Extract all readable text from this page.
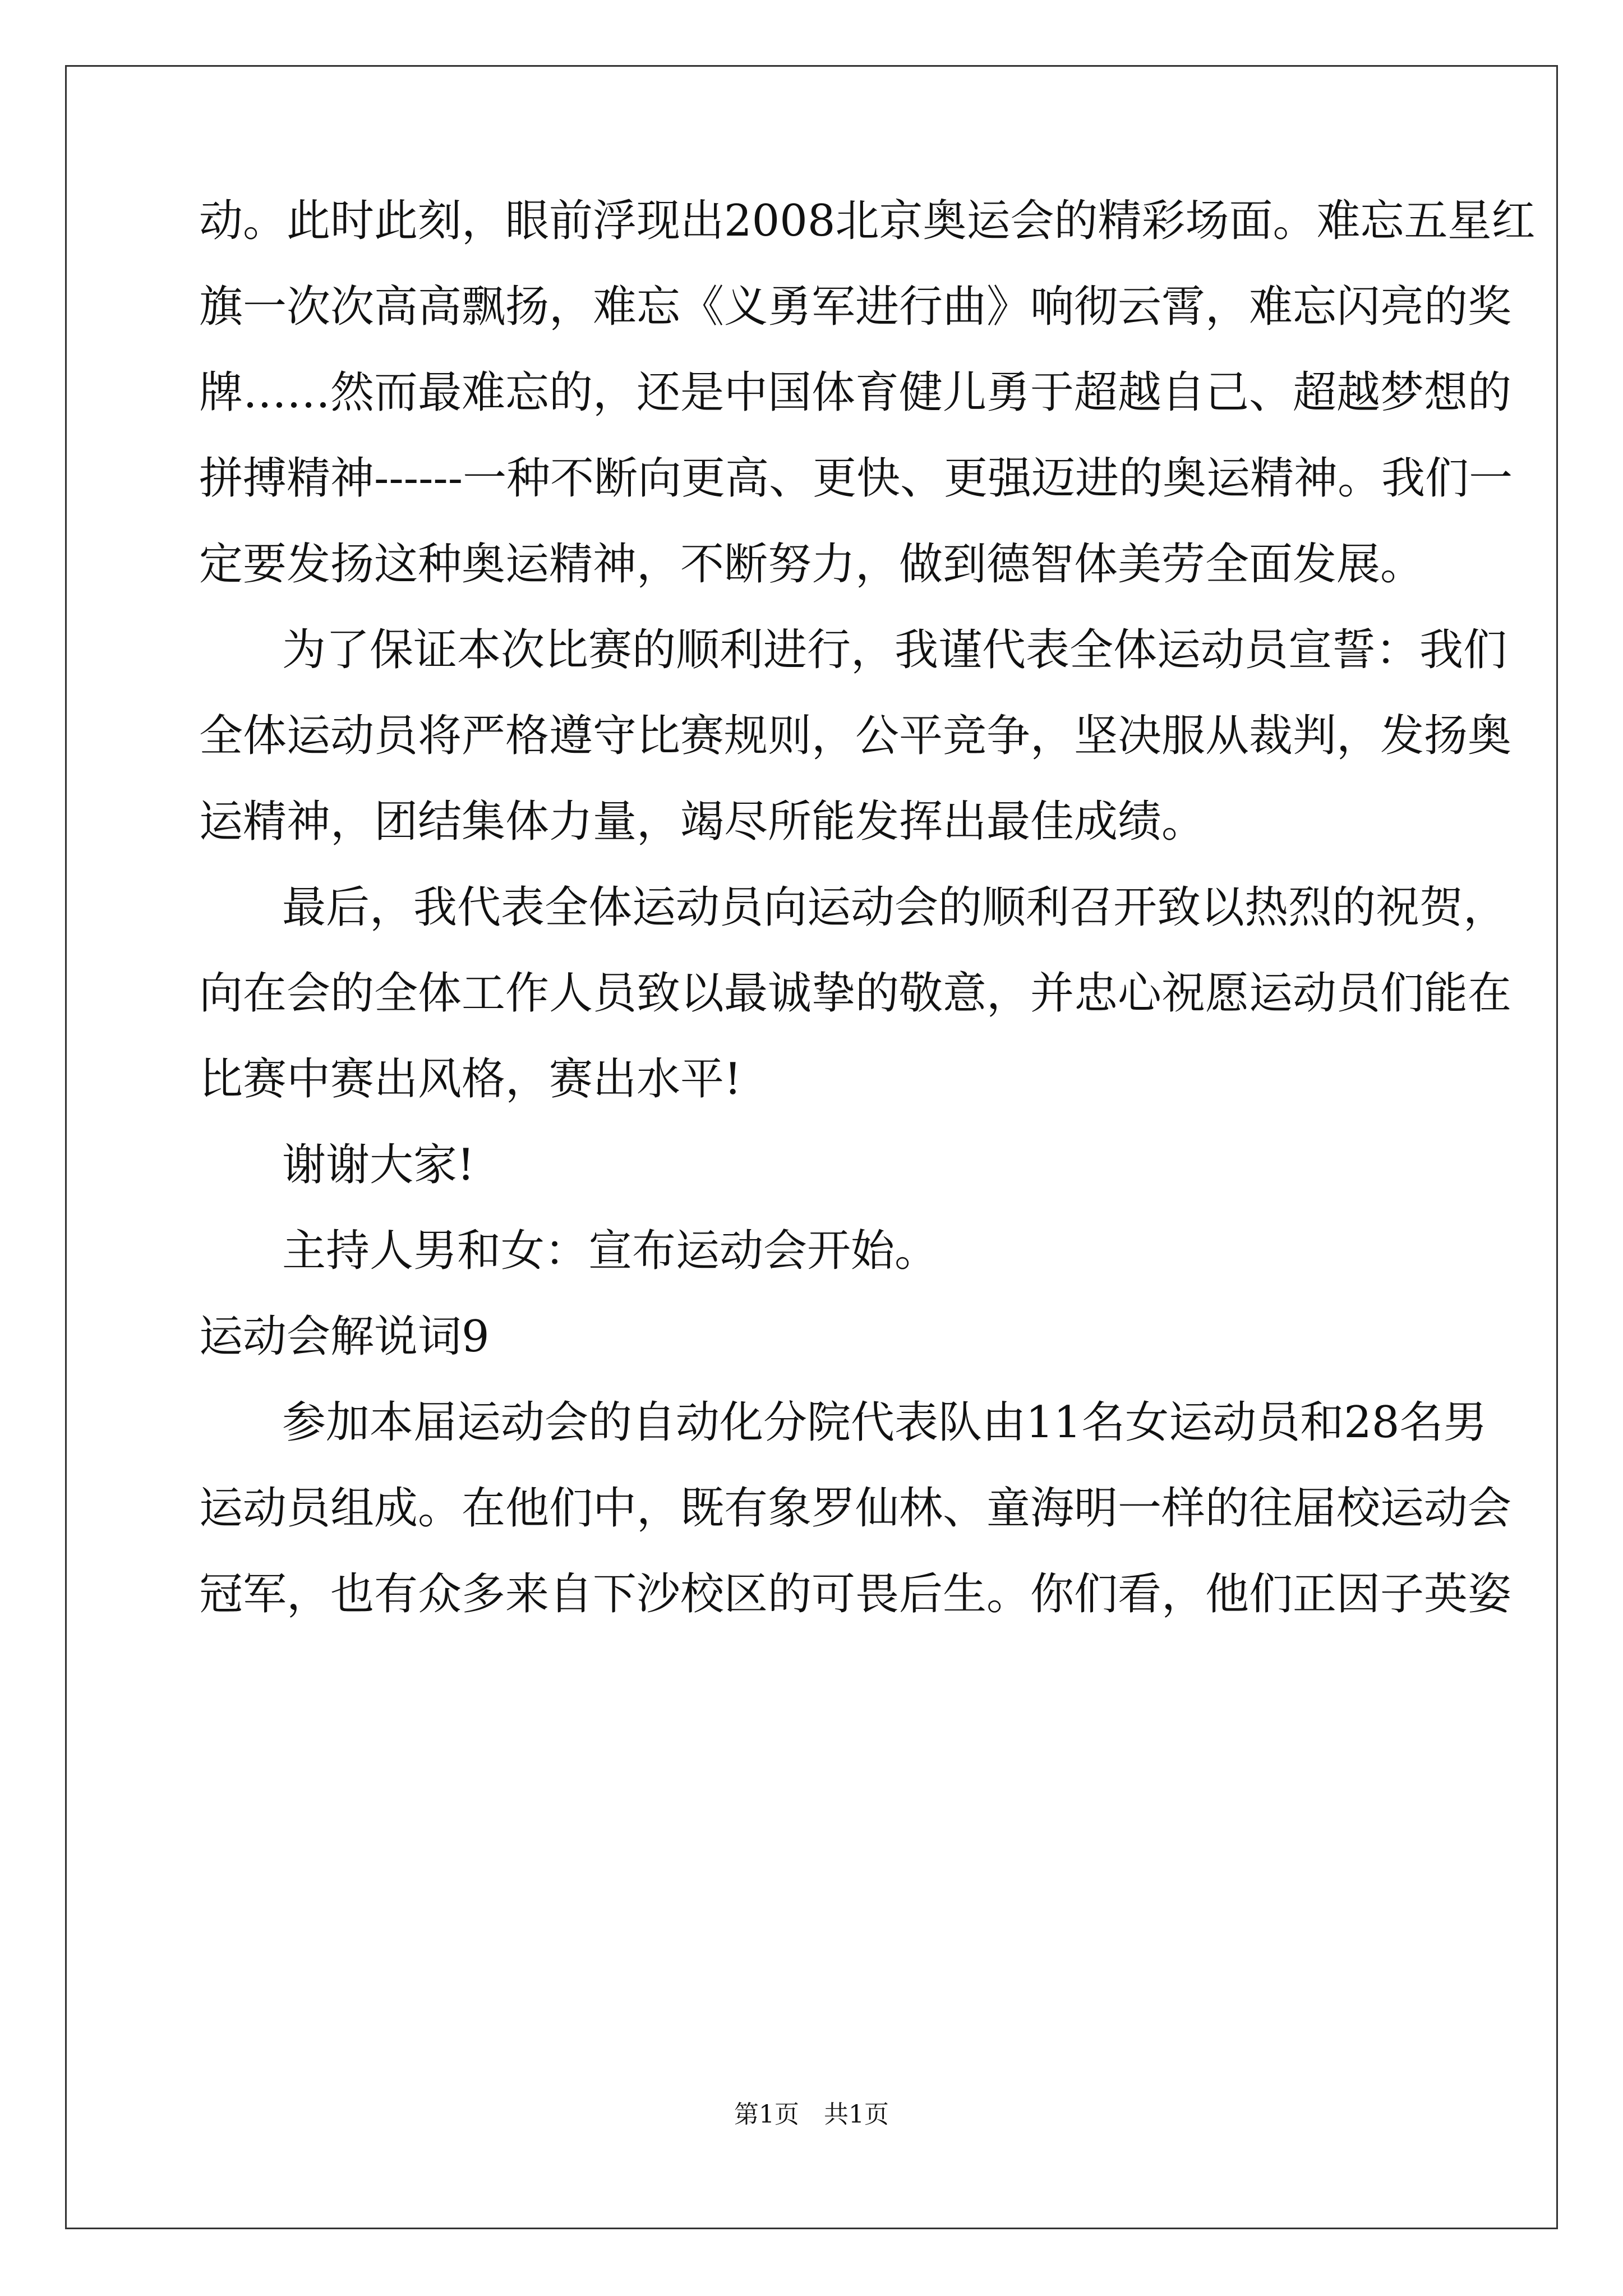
动。此时此刻，眼前浮现出2008北京奥运会的精彩场面。难忘五星红
旗一次次高高飘扬，难忘《义勇军进行曲》响彻云霄，难忘闪亮的奖
牌……然而最难忘的，还是中国体育健儿勇于超越自己、超越梦想的
拼搏精神------一种不断向更高、更快、更强迈进的奥运精神。我们一
定要发扬这种奥运精神，不断努力，做到德智体美劳全面发展。
为了保证本次比赛的顺利进行，我谨代表全体运动员宣誓：我们
全体运动员将严格遵守比赛规则，公平竞争，坚决服从裁判，发扬奥
运精神，团结集体力量，竭尽所能发挥出最佳成绩。
最后，我代表全体运动员向运动会的顺利召开致以热烈的祝贺，
向在会的全体工作人员致以最诚挚的敬意，并忠心祝愿运动员们能在
比赛中赛出风格，赛出水平!
谢谢大家!
主持人男和女：宣布运动会开始。
运动会解说词9
参加本届运动会的自动化分院代表队由11名女运动员和28名男
运动员组成。在他们中，既有象罗仙林、童海明一样的往届校运动会
冠军，也有众多来自下沙校区的可畏后生。你们看，他们正因子英姿
第1页　共1页
